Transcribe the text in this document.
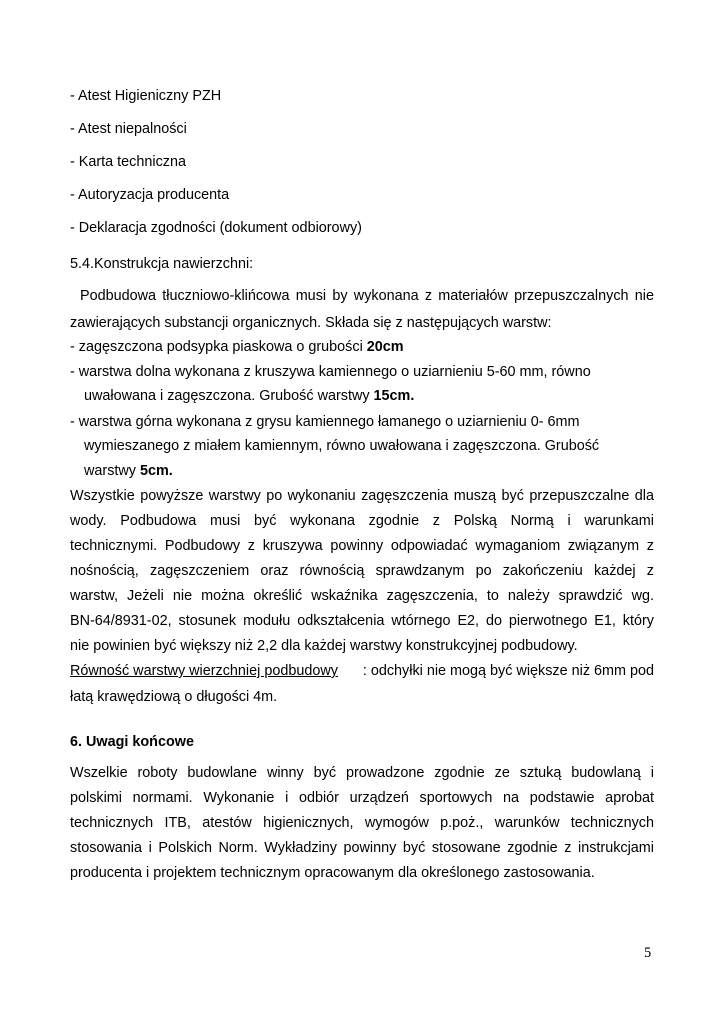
- Atest Higieniczny PZH
- Atest niepalności
- Karta techniczna
- Autoryzacja producenta
- Deklaracja zgodności (dokument odbiorowy)
5.4.Konstrukcja nawierzchni:
Podbudowa tłuczniowo-klińcowa musi by wykonana z materiałów przepuszczalnych nie
zawierających substancji organicznych. Składa się z następujących warstw:
- zagęszczona podsypka piaskowa o grubości 20cm
- warstwa dolna wykonana z kruszywa kamiennego o uziarnieniu 5-60 mm, równo
uwałowana i zagęszczona. Grubość warstwy 15cm.
- warstwa górna wykonana z grysu kamiennego łamanego o uziarnieniu 0- 6mm
wymieszanego z miałem kamiennym, równo uwałowana i zagęszczona. Grubość
warstwy 5cm.
Wszystkie powyższe warstwy po wykonaniu zagęszczenia muszą być przepuszczalne dla
wody. Podbudowa musi być wykonana zgodnie z Polską Normą i warunkami
technicznymi. Podbudowy z kruszywa powinny odpowiadać wymaganiom związanym z
nośnością, zagęszczeniem oraz równością sprawdzanym po zakończeniu każdej z
warstw, Jeżeli nie można określić wskaźnika zagęszczenia, to należy sprawdzić wg.
BN-64/8931-02, stosunek modułu odkształcenia wtórnego E2, do pierwotnego E1, który
nie powinien być większy niż 2,2 dla każdej warstwy konstrukcyjnej podbudowy.
Równość warstwy wierzchniej podbudowy : odchyłki nie mogą być większe niż 6mm pod
łatą krawędziową o długości 4m.
6. Uwagi końcowe
Wszelkie roboty budowlane winny być prowadzone zgodnie ze sztuką budowlaną i
polskimi normami. Wykonanie i odbiór urządzeń sportowych na podstawie aprobat
technicznych ITB, atestów higienicznych, wymogów p.poż., warunków technicznych
stosowania i Polskich Norm. Wykładziny powinny być stosowane zgodnie z instrukcjami
producenta i projektem technicznym opracowanym dla określonego zastosowania.
5
